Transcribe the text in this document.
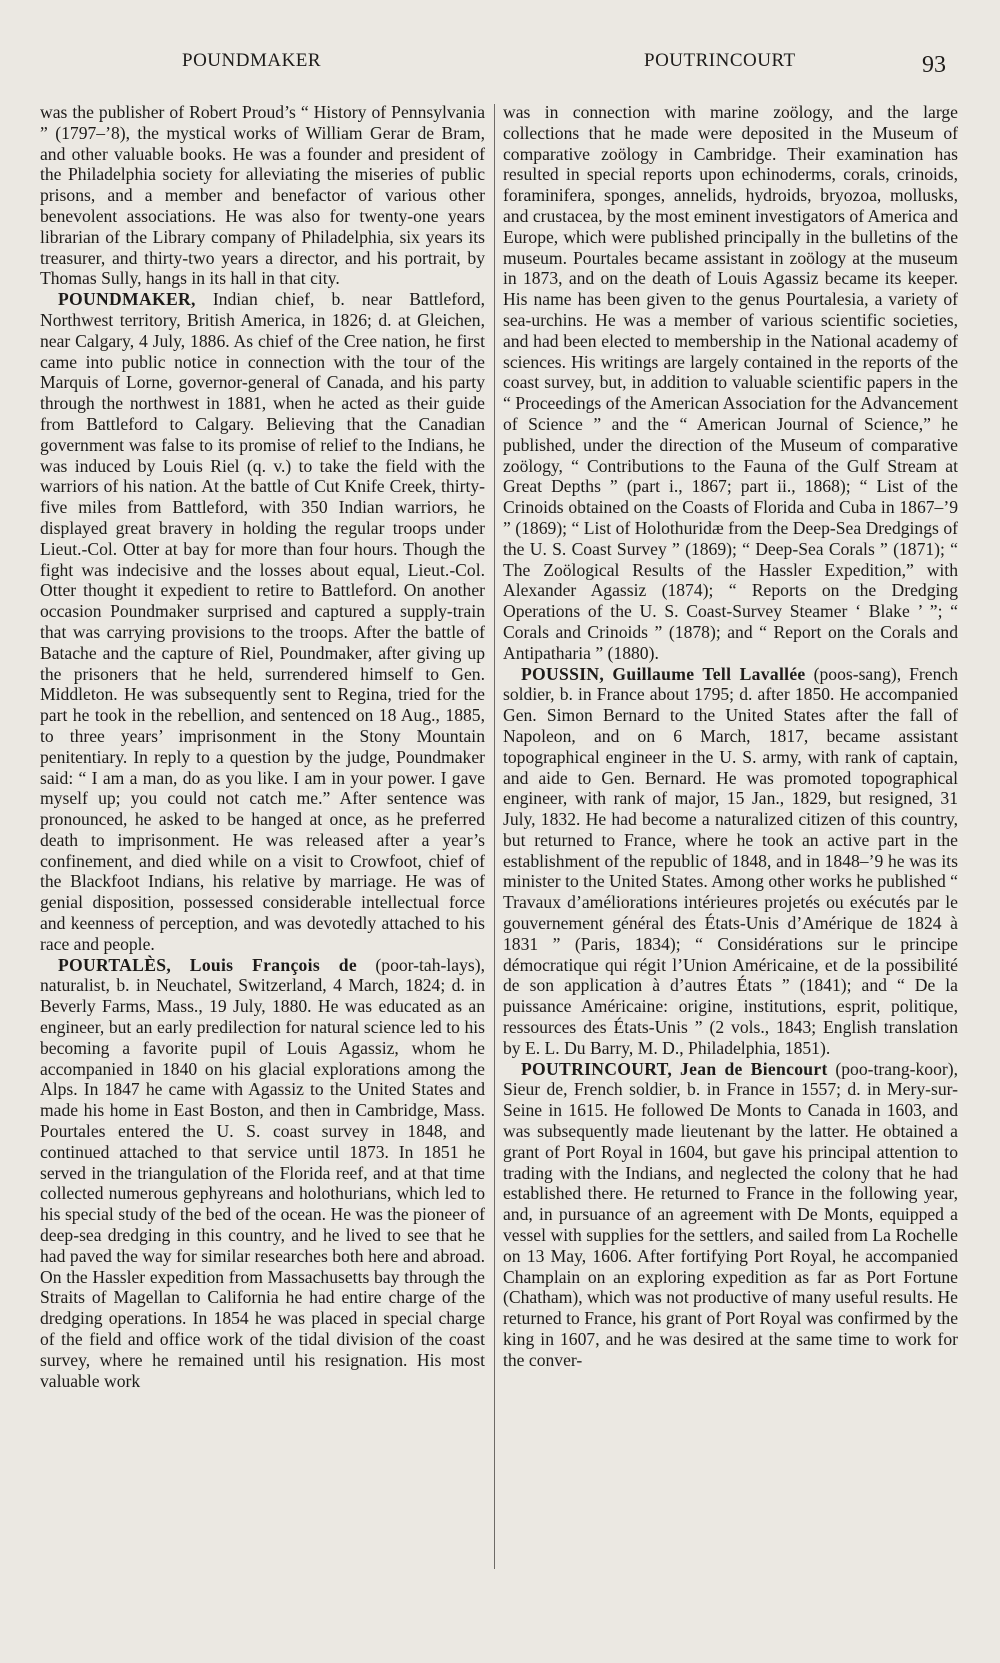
POUNDMAKER	POUTRINCOURT	93

was the publisher of Robert Proud’s “ History of Pennsylvania ” (1797–’8), the mystical works of William Gerar de Bram, and other valuable books. He was a founder and president of the Philadelphia society for alleviating the miseries of public prisons, and a member and benefactor of various other benevolent associations. He was also for twenty-one years librarian of the Library company of Philadelphia, six years its treasurer, and thirty-two years a director, and his portrait, by Thomas Sully, hangs in its hall in that city.

POUNDMAKER, Indian chief, b. near Battleford, Northwest territory, British America, in 1826; d. at Gleichen, near Calgary, 4 July, 1886. As chief of the Cree nation, he first came into public notice in connection with the tour of the Marquis of Lorne, governor-general of Canada, and his party through the northwest in 1881, when he acted as their guide from Battleford to Calgary. Believing that the Canadian government was false to its promise of relief to the Indians, he was induced by Louis Riel (q. v.) to take the field with the warriors of his nation. At the battle of Cut Knife Creek, thirty-five miles from Battleford, with 350 Indian warriors, he displayed great bravery in holding the regular troops under Lieut.-Col. Otter at bay for more than four hours. Though the fight was indecisive and the losses about equal, Lieut.-Col. Otter thought it expedient to retire to Battleford. On another occasion Poundmaker surprised and captured a supply-train that was carrying provisions to the troops. After the battle of Batache and the capture of Riel, Poundmaker, after giving up the prisoners that he held, surrendered himself to Gen. Middleton. He was subsequently sent to Regina, tried for the part he took in the rebellion, and sentenced on 18 Aug., 1885, to three years’ imprisonment in the Stony Mountain penitentiary. In reply to a question by the judge, Poundmaker said: “ I am a man, do as you like. I am in your power. I gave myself up; you could not catch me.” After sentence was pronounced, he asked to be hanged at once, as he preferred death to imprisonment. He was released after a year’s confinement, and died while on a visit to Crowfoot, chief of the Blackfoot Indians, his relative by marriage. He was of genial disposition, possessed considerable intellectual force and keenness of perception, and was devotedly attached to his race and people.

POURTALÈS, Louis François de (poor-tah-lays), naturalist, b. in Neuchatel, Switzerland, 4 March, 1824; d. in Beverly Farms, Mass., 19 July, 1880. He was educated as an engineer, but an early predilection for natural science led to his becoming a favorite pupil of Louis Agassiz, whom he accompanied in 1840 on his glacial explorations among the Alps. In 1847 he came with Agassiz to the United States and made his home in East Boston, and then in Cambridge, Mass. Pourtales entered the U. S. coast survey in 1848, and continued attached to that service until 1873. In 1851 he served in the triangulation of the Florida reef, and at that time collected numerous gephyreans and holothurians, which led to his special study of the bed of the ocean. He was the pioneer of deep-sea dredging in this country, and he lived to see that he had paved the way for similar researches both here and abroad. On the Hassler expedition from Massachusetts bay through the Straits of Magellan to California he had entire charge of the dredging operations. In 1854 he was placed in special charge of the field and office work of the tidal division of the coast survey, where he remained until his resignation. His most valuable work

was in connection with marine zoölogy, and the large collections that he made were deposited in the Museum of comparative zoölogy in Cambridge. Their examination has resulted in special reports upon echinoderms, corals, crinoids, foraminifera, sponges, annelids, hydroids, bryozoa, mollusks, and crustacea, by the most eminent investigators of America and Europe, which were published principally in the bulletins of the museum. Pourtales became assistant in zoölogy at the museum in 1873, and on the death of Louis Agassiz became its keeper. His name has been given to the genus Pourtalesia, a variety of sea-urchins. He was a member of various scientific societies, and had been elected to membership in the National academy of sciences. His writings are largely contained in the reports of the coast survey, but, in addition to valuable scientific papers in the “ Proceedings of the American Association for the Advancement of Science ” and the “ American Journal of Science,” he published, under the direction of the Museum of comparative zoölogy, “ Contributions to the Fauna of the Gulf Stream at Great Depths ” (part i., 1867; part ii., 1868); “ List of the Crinoids obtained on the Coasts of Florida and Cuba in 1867–’9 ” (1869); “ List of Holothuridæ from the Deep-Sea Dredgings of the U. S. Coast Survey ” (1869); “ Deep-Sea Corals ” (1871); “ The Zoölogical Results of the Hassler Expedition,” with Alexander Agassiz (1874); “ Reports on the Dredging Operations of the U. S. Coast-Survey Steamer ‘ Blake ’ ”; “ Corals and Crinoids ” (1878); and “ Report on the Corals and Antipatharia ” (1880).

POUSSIN, Guillaume Tell Lavallée (poos-sang), French soldier, b. in France about 1795; d. after 1850. He accompanied Gen. Simon Bernard to the United States after the fall of Napoleon, and on 6 March, 1817, became assistant topographical engineer in the U. S. army, with rank of captain, and aide to Gen. Bernard. He was promoted topographical engineer, with rank of major, 15 Jan., 1829, but resigned, 31 July, 1832. He had become a naturalized citizen of this country, but returned to France, where he took an active part in the establishment of the republic of 1848, and in 1848–’9 he was its minister to the United States. Among other works he published “ Travaux d’améliorations intérieures projetés ou exécutés par le gouvernement général des États-Unis d’Amérique de 1824 à 1831 ” (Paris, 1834); “ Considérations sur le principe démocratique qui régit l’Union Américaine, et de la possibilité de son application à d’autres États ” (1841); and “ De la puissance Américaine: origine, institutions, esprit, politique, ressources des États-Unis ” (2 vols., 1843; English translation by E. L. Du Barry, M. D., Philadelphia, 1851).

POUTRINCOURT, Jean de Biencourt (poo-trang-koor), Sieur de, French soldier, b. in France in 1557; d. in Mery-sur-Seine in 1615. He followed De Monts to Canada in 1603, and was subsequently made lieutenant by the latter. He obtained a grant of Port Royal in 1604, but gave his principal attention to trading with the Indians, and neglected the colony that he had established there. He returned to France in the following year, and, in pursuance of an agreement with De Monts, equipped a vessel with supplies for the settlers, and sailed from La Rochelle on 13 May, 1606. After fortifying Port Royal, he accompanied Champlain on an exploring expedition as far as Port Fortune (Chatham), which was not productive of many useful results. He returned to France, his grant of Port Royal was confirmed by the king in 1607, and he was desired at the same time to work for the conver-
